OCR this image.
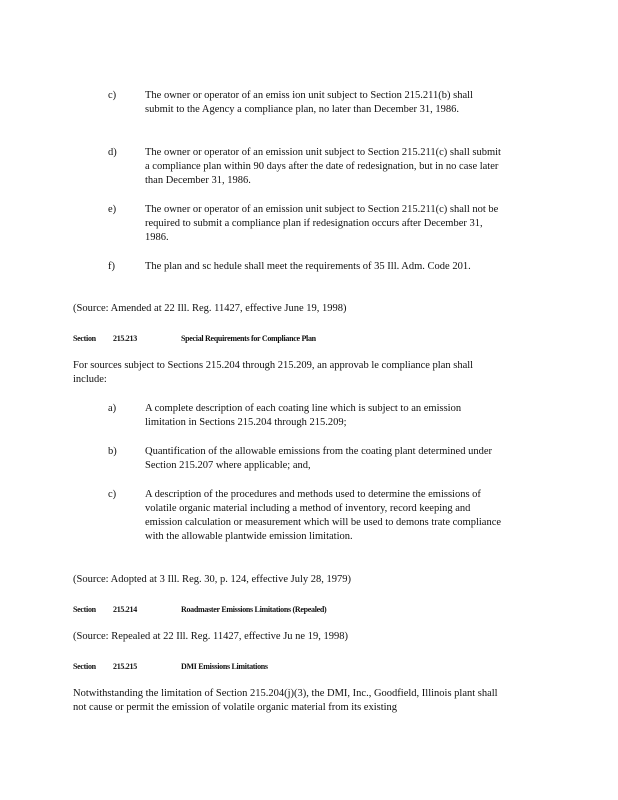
c)	The owner or operator of an emiss ion unit subject to Section 215.211(b) shall submit to the Agency a compliance plan, no later than December 31, 1986.
d)	The owner or operator of an emission unit subject to Section 215.211(c) shall submit a compliance plan within 90 days after the date of redesignation, but in no case later than December 31, 1986.
e)	The owner or operator of an emission unit subject to Section 215.211(c) shall not be required to submit a compliance plan if redesignation occurs after December 31, 1986.
f)	The plan and sc hedule shall meet the requirements of 35 Ill. Adm. Code 201.
(Source: Amended at 22 Ill. Reg. 11427, effective June 19, 1998)
Section 215.213	Special Requirements for Compliance Plan
For sources subject to Sections 215.204 through 215.209, an approvab le compliance plan shall include:
a)	A complete description of each coating line which is subject to an emission limitation in Sections 215.204 through 215.209;
b)	Quantification of the allowable emissions from the coating plant determined under Section 215.207 where applicable; and,
c)	A description of the procedures and methods used to determine the emissions of volatile organic material including a method of inventory, record keeping and emission calculation or measurement which will be used to demons trate compliance with the allowable plantwide emission limitation.
(Source: Adopted at 3 Ill. Reg. 30, p. 124, effective July 28, 1979)
Section 215.214	Roadmaster Emissions Limitations (Repealed)
(Source: Repealed at 22 Ill. Reg. 11427, effective Ju ne 19, 1998)
Section 215.215	DMI Emissions Limitations
Notwithstanding the limitation of Section 215.204(j)(3), the DMI, Inc., Goodfield, Illinois plant shall not cause or permit the emission of volatile organic material from its existing
